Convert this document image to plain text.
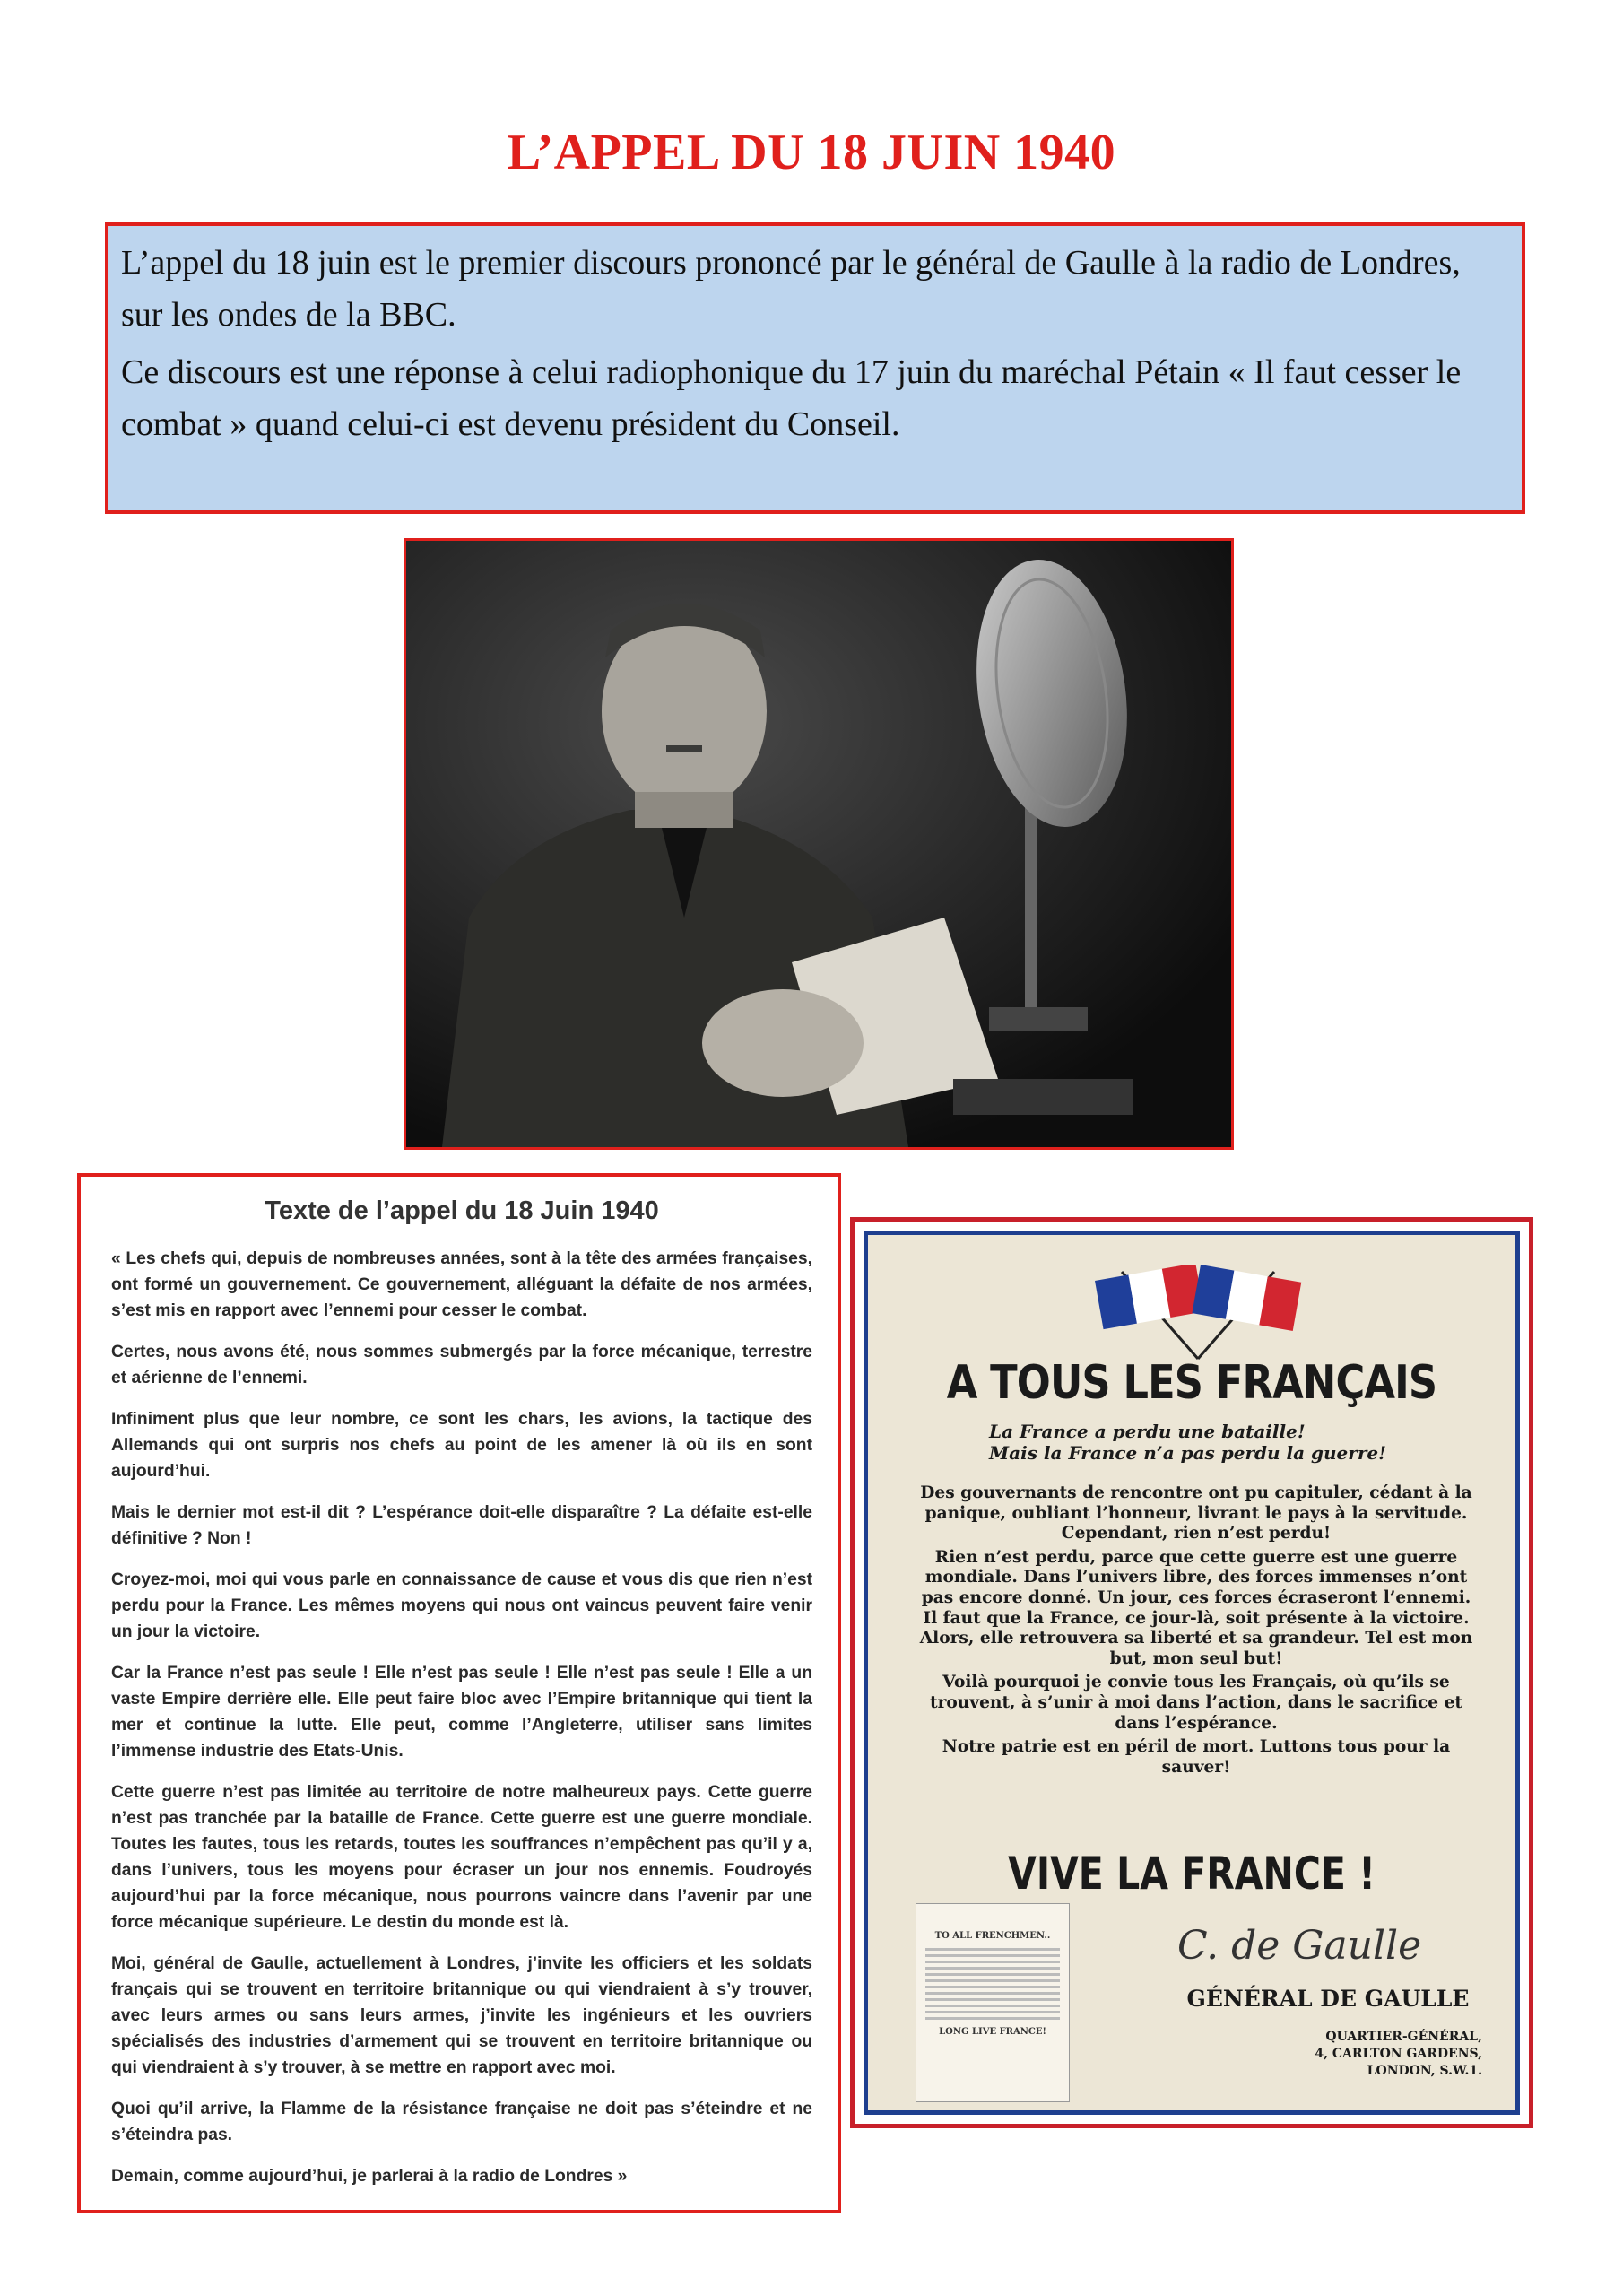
L’APPEL DU 18 JUIN 1940

L’appel du 18 juin est le premier discours prononcé par le général de Gaulle à la radio de Londres, sur les ondes de la BBC.

Ce discours est une réponse à celui radiophonique du 17 juin du maréchal Pétain « Il faut cesser le combat » quand celui-ci est devenu président du Conseil.

Texte de l’appel du 18 Juin 1940

« Les chefs qui, depuis de nombreuses années, sont à la tête des armées françaises, ont formé un gouvernement. Ce gouvernement, alléguant la défaite de nos armées, s’est mis en rapport avec l’ennemi pour cesser le combat.

Certes, nous avons été, nous sommes submergés par la force mécanique, terrestre et aérienne de l’ennemi.

Infiniment plus que leur nombre, ce sont les chars, les avions, la tactique des Allemands qui ont surpris nos chefs au point de les amener là où ils en sont aujourd’hui.

Mais le dernier mot est-il dit ? L’espérance doit-elle disparaître ? La défaite est-elle définitive ? Non !

Croyez-moi, moi qui vous parle en connaissance de cause et vous dis que rien n’est perdu pour la France. Les mêmes moyens qui nous ont vaincus peuvent faire venir un jour la victoire.

Car la France n’est pas seule ! Elle n’est pas seule ! Elle n’est pas seule ! Elle a un vaste Empire derrière elle. Elle peut faire bloc avec l’Empire britannique qui tient la mer et continue la lutte. Elle peut, comme l’Angleterre, utiliser sans limites l’immense industrie des Etats-Unis.

Cette guerre n’est pas limitée au territoire de notre malheureux pays. Cette guerre n’est pas tranchée par la bataille de France. Cette guerre est une guerre mondiale. Toutes les fautes, tous les retards, toutes les souffrances n’empêchent pas qu’il y a, dans l’univers, tous les moyens pour écraser un jour nos ennemis. Foudroyés aujourd’hui par la force mécanique, nous pourrons vaincre dans l’avenir par une force mécanique supérieure. Le destin du monde est là.

Moi, général de Gaulle, actuellement à Londres, j’invite les officiers et les soldats français qui se trouvent en territoire britannique ou qui viendraient à s’y trouver, avec leurs armes ou sans leurs armes, j’invite les ingénieurs et les ouvriers spécialisés des industries d’armement qui se trouvent en territoire britannique ou qui viendraient à s’y trouver, à se mettre en rapport avec moi.

Quoi qu’il arrive, la Flamme de la résistance française ne doit pas s’éteindre et ne s’éteindra pas.

Demain, comme aujourd’hui, je parlerai à la radio de Londres »

A TOUS LES FRANÇAIS
La France a perdu une bataille!
Mais la France n’a pas perdu la guerre!

Des gouvernants de rencontre ont pu capituler, cédant à la panique, oubliant l’honneur, livrant le pays à la servitude. Cependant, rien n’est perdu!

Rien n’est perdu, parce que cette guerre est une guerre mondiale. Dans l’univers libre, des forces immenses n’ont pas encore donné. Un jour, ces forces écraseront l’ennemi. Il faut que la France, ce jour-là, soit présente à la victoire. Alors, elle retrouvera sa liberté et sa grandeur. Tel est mon but, mon seul but!

Voilà pourquoi je convie tous les Français, où qu’ils se trouvent, à s’unir à moi dans l’action, dans le sacrifice et dans l’espérance.

Notre patrie est en péril de mort. Luttons tous pour la sauver!

VIVE LA FRANCE !
TO ALL FRENCHMEN..
LONG LIVE FRANCE!
C. de Gaulle
GÉNÉRAL DE GAULLE
QUARTIER-GÉNÉRAL,
4, CARLTON GARDENS,
LONDON, S.W.1.
